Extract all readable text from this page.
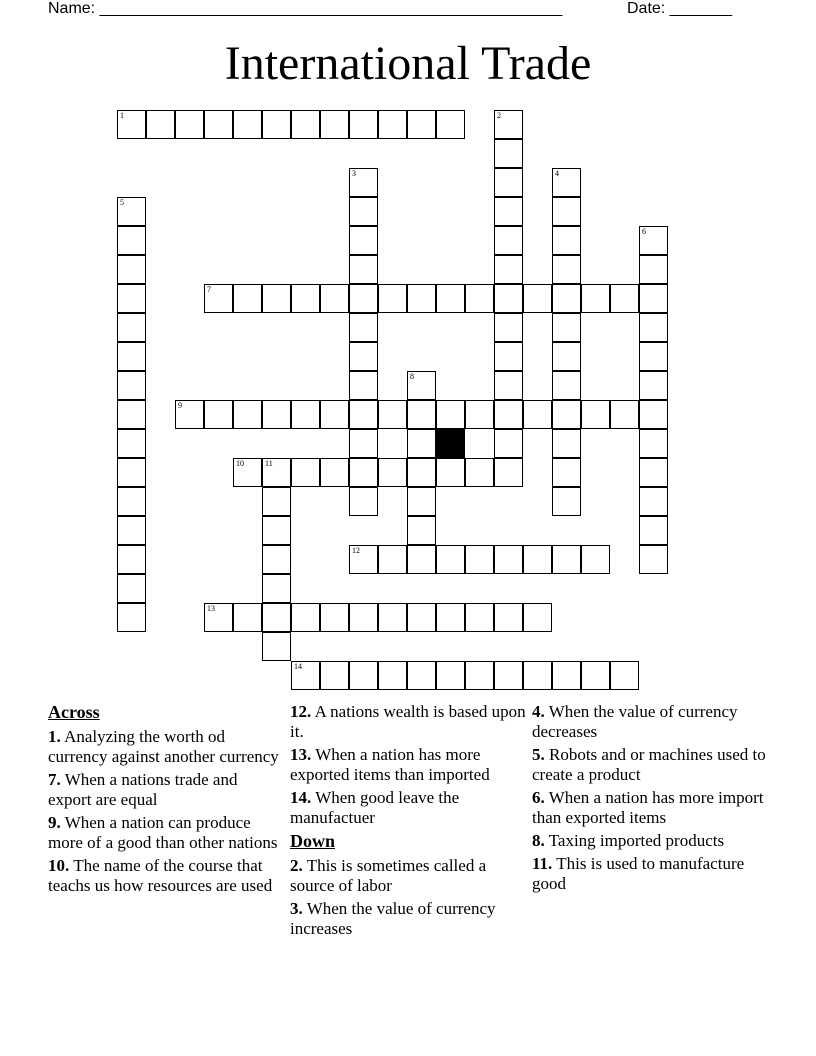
Name: ____________________________________________________	Date: _______
International Trade
1	2
3	4
5
6
7
8
9
10	11
12
13
14
Across
1. Analyzing the worth od currency against another currency
7. When a nations trade and export are equal
9. When a nation can produce more of a good than other nations
10. The name of the course that teachs us how resources are used
12. A nations wealth is based upon it.
13. When a nation has more exported items than imported
14. When good leave the manufactuer
Down
2. This is sometimes called a source of labor
3. When the value of currency increases
4. When the value of currency decreases
5. Robots and or machines used to create a product
6. When a nation has more import than exported items
8. Taxing imported products
11. This is used to manufacture good
